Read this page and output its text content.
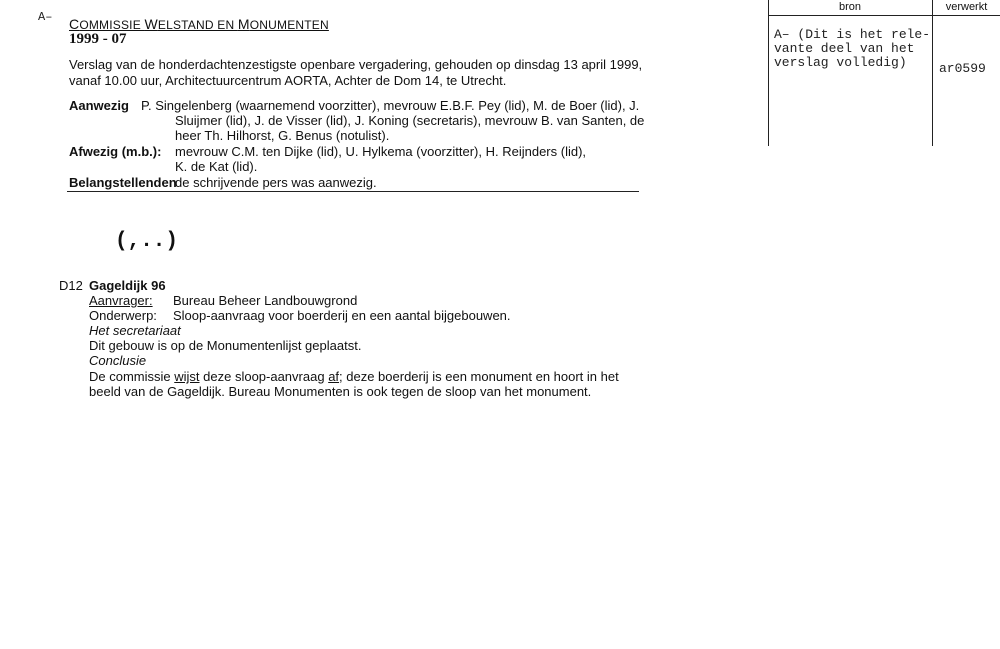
A– COMMISSIE WELSTAND EN MONUMENTEN
1999 - 07
Verslag van de honderdachtenzestigste openbare vergadering, gehouden op dinsdag 13 april 1999,
vanaf 10.00 uur, Architectuurcentrum AORTA, Achter de Dom 14, te Utrecht.
Aanwezig P. Singelenberg (waarnemend voorzitter), mevrouw E.B.F. Pey (lid), M. de Boer (lid), J.
Sluijmer (lid), J. de Visser (lid), J. Koning (secretaris), mevrouw B. van Santen, de
heer Th. Hilhorst, G. Benus (notulist).
Afwezig (m.b.): mevrouw C.M. ten Dijke (lid), U. Hylkema (voorzitter), H. Reijnders (lid),
K. de Kat (lid).
Belangstellenden
de schrijvende pers was aanwezig.
(,..)
D12 Gageldijk 96
Aanvrager: Bureau Beheer Landbouwgrond
Onderwerp: Sloop-aanvraag voor boerderij en een aantal bijgebouwen.
Het secretariaat
Dit gebouw is op de Monumentenlijst geplaatst.
Conclusie
De commissie wijst deze sloop-aanvraag af; deze boerderij is een monument en hoort in het
beeld van de Gageldijk. Bureau Monumenten is ook tegen de sloop van het monument.
bron	verwerkt
A– (Dit is het rele-
vante deel van het
verslag volledig) ar0599
